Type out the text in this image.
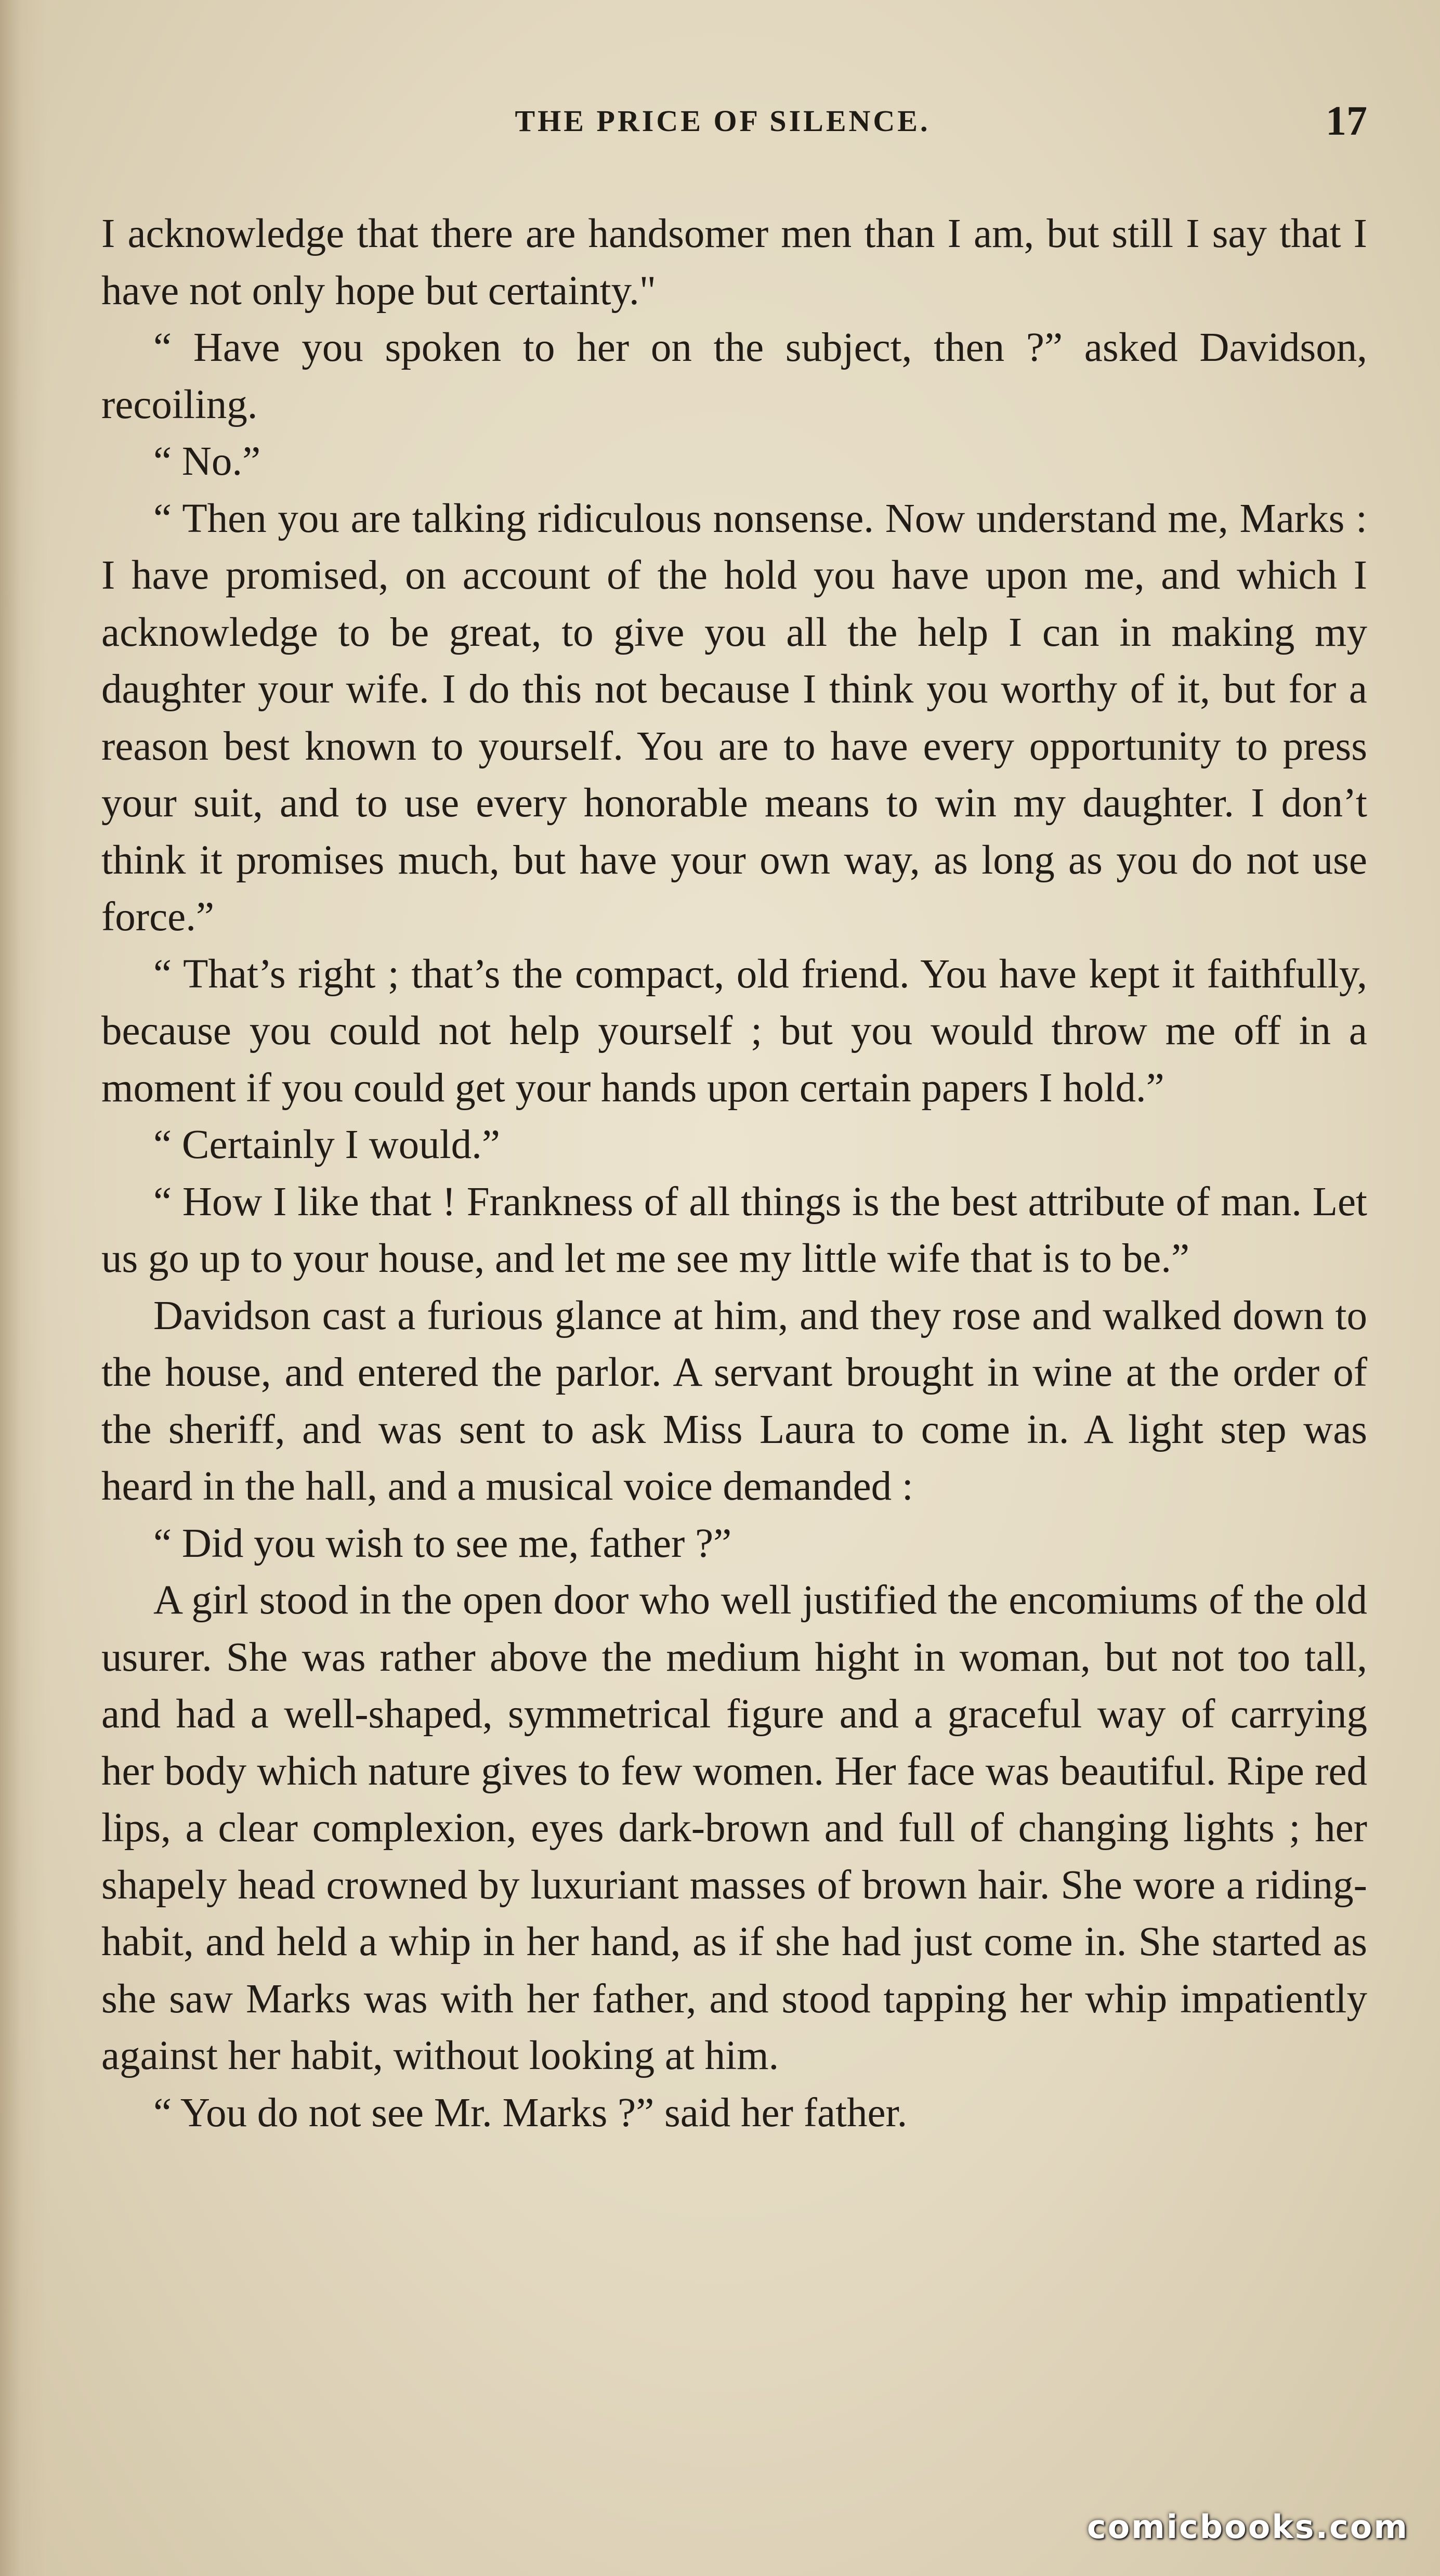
THE PRICE OF SILENCE.	17

I acknowledge that there are handsomer men than I am, but still I say that I have not only hope but certainty."

“ Have you spoken to her on the subject, then ?” asked Davidson, recoiling.

“ No.”

“ Then you are talking ridiculous nonsense. Now understand me, Marks : I have promised, on account of the hold you have upon me, and which I acknowledge to be great, to give you all the help I can in making my daughter your wife. I do this not because I think you worthy of it, but for a reason best known to yourself. You are to have every opportunity to press your suit, and to use every honorable means to win my daughter. I don’t think it promises much, but have your own way, as long as you do not use force.”

“ That’s right ; that’s the compact, old friend. You have kept it faithfully, because you could not help yourself ; but you would throw me off in a moment if you could get your hands upon certain papers I hold.”

“ Certainly I would.”

“ How I like that ! Frankness of all things is the best attribute of man. Let us go up to your house, and let me see my little wife that is to be.”

Davidson cast a furious glance at him, and they rose and walked down to the house, and entered the parlor. A servant brought in wine at the order of the sheriff, and was sent to ask Miss Laura to come in. A light step was heard in the hall, and a musical voice demanded :

“ Did you wish to see me, father ?”

A girl stood in the open door who well justified the encomiums of the old usurer. She was rather above the medium hight in woman, but not too tall, and had a well-shaped, symmetrical figure and a graceful way of carrying her body which nature gives to few women. Her face was beautiful. Ripe red lips, a clear complexion, eyes dark-brown and full of changing lights ; her shapely head crowned by luxuriant masses of brown hair. She wore a riding-habit, and held a whip in her hand, as if she had just come in. She started as she saw Marks was with her father, and stood tapping her whip impatiently against her habit, without looking at him.

“ You do not see Mr. Marks ?” said her father.

comicbooks.com
